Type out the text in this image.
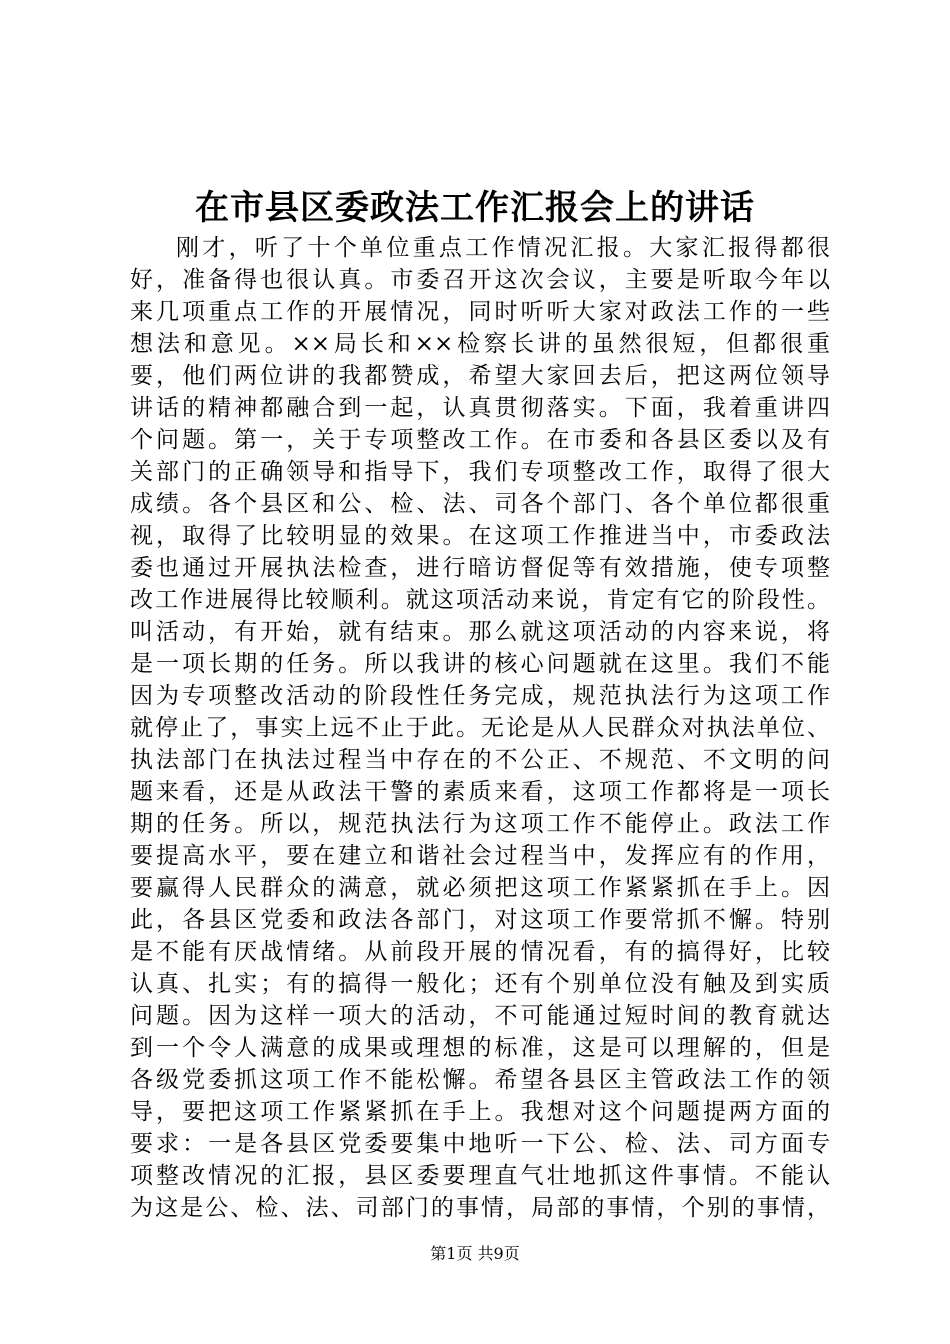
在市县区委政法工作汇报会上的讲话
刚才，听了十个单位重点工作情况汇报。大家汇报得都很
好，准备得也很认真。市委召开这次会议，主要是听取今年以
来几项重点工作的开展情况，同时听听大家对政法工作的一些
想法和意见。××局长和××检察长讲的虽然很短，但都很重
要，他们两位讲的我都赞成，希望大家回去后，把这两位领导
讲话的精神都融合到一起，认真贯彻落实。下面，我着重讲四
个问题。第一，关于专项整改工作。在市委和各县区委以及有
关部门的正确领导和指导下，我们专项整改工作，取得了很大
成绩。各个县区和公、检、法、司各个部门、各个单位都很重
视，取得了比较明显的效果。在这项工作推进当中，市委政法
委也通过开展执法检查，进行暗访督促等有效措施，使专项整
改工作进展得比较顺利。就这项活动来说，肯定有它的阶段性。
叫活动，有开始，就有结束。那么就这项活动的内容来说，将
是一项长期的任务。所以我讲的核心问题就在这里。我们不能
因为专项整改活动的阶段性任务完成，规范执法行为这项工作
就停止了，事实上远不止于此。无论是从人民群众对执法单位、
执法部门在执法过程当中存在的不公正、不规范、不文明的问
题来看，还是从政法干警的素质来看，这项工作都将是一项长
期的任务。所以，规范执法行为这项工作不能停止。政法工作
要提高水平，要在建立和谐社会过程当中，发挥应有的作用，
要赢得人民群众的满意，就必须把这项工作紧紧抓在手上。因
此，各县区党委和政法各部门，对这项工作要常抓不懈。特别
是不能有厌战情绪。从前段开展的情况看，有的搞得好，比较
认真、扎实；有的搞得一般化；还有个别单位没有触及到实质
问题。因为这样一项大的活动，不可能通过短时间的教育就达
到一个令人满意的成果或理想的标准，这是可以理解的，但是
各级党委抓这项工作不能松懈。希望各县区主管政法工作的领
导，要把这项工作紧紧抓在手上。我想对这个问题提两方面的
要求：一是各县区党委要集中地听一下公、检、法、司方面专
项整改情况的汇报，县区委要理直气壮地抓这件事情。不能认
为这是公、检、法、司部门的事情，局部的事情，个别的事情，
第1页 共9页
